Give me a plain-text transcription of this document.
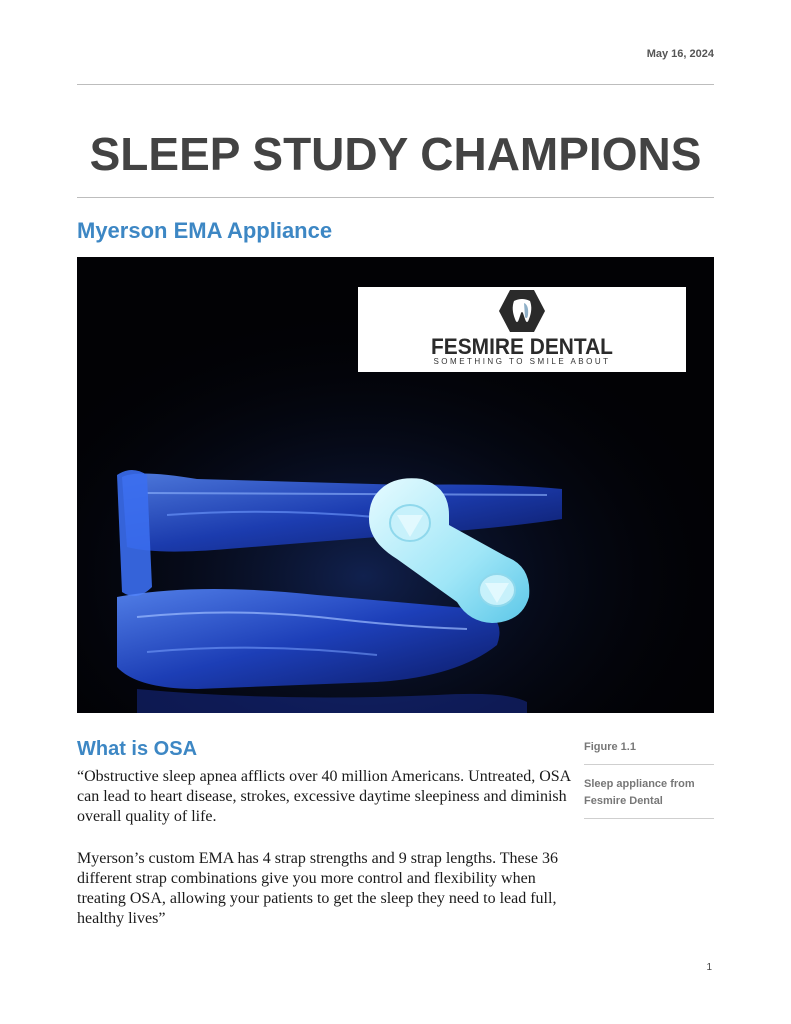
May 16, 2024
SLEEP STUDY CHAMPIONS
Myerson EMA Appliance
FESMIRE DENTAL
SOMETHING TO SMILE ABOUT
What is OSA

“Obstructive sleep apnea afflicts over 40 million Americans. Untreated, OSA can lead to heart disease, strokes, excessive daytime sleepiness and diminish overall quality of life.

Myerson’s custom EMA has 4 strap strengths and 9 strap lengths. These 36 different strap combinations give you more control and flexibility when treating OSA, allowing your patients to get the sleep they need to lead full, healthy lives”

Figure 1.1
Sleep appliance from Fesmire Dental
1
